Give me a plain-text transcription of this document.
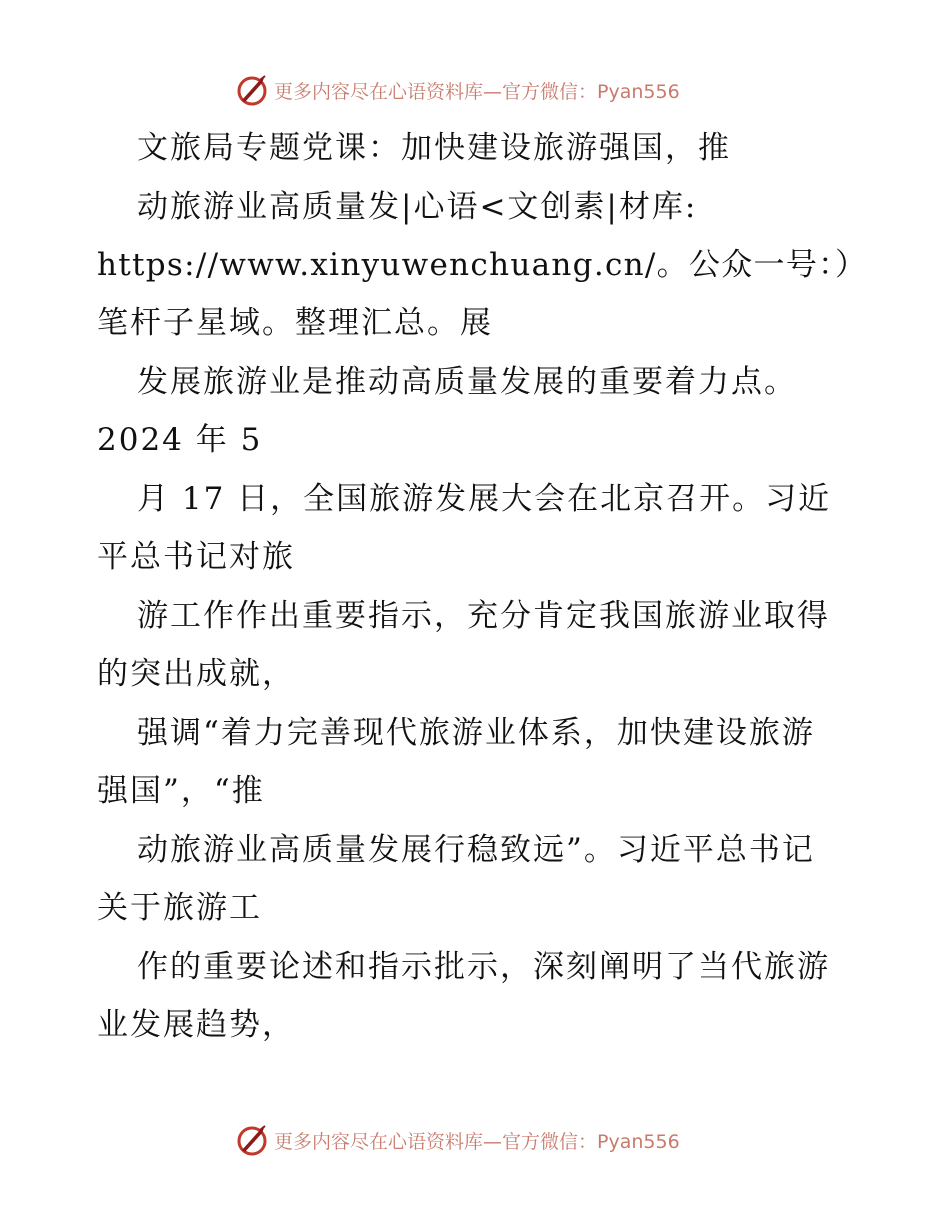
更多内容尽在心语资料库—官方微信：Pyan556
文旅局专题党课：加快建设旅游强国，推
动旅游业高质量发|心语<文创素|材库:
https://www.xinyuwenchuang.cn/。公众一号：）
笔杆子星域。整理汇总。展
发展旅游业是推动高质量发展的重要着力点。
2024 年 5
月 17 日，全国旅游发展大会在北京召开。习近
平总书记对旅
游工作作出重要指示，充分肯定我国旅游业取得
的突出成就，
强调“着力完善现代旅游业体系，加快建设旅游
强国”，“推
动旅游业高质量发展行稳致远”。习近平总书记
关于旅游工
作的重要论述和指示批示，深刻阐明了当代旅游
业发展趋势，
更多内容尽在心语资料库—官方微信：Pyan556
